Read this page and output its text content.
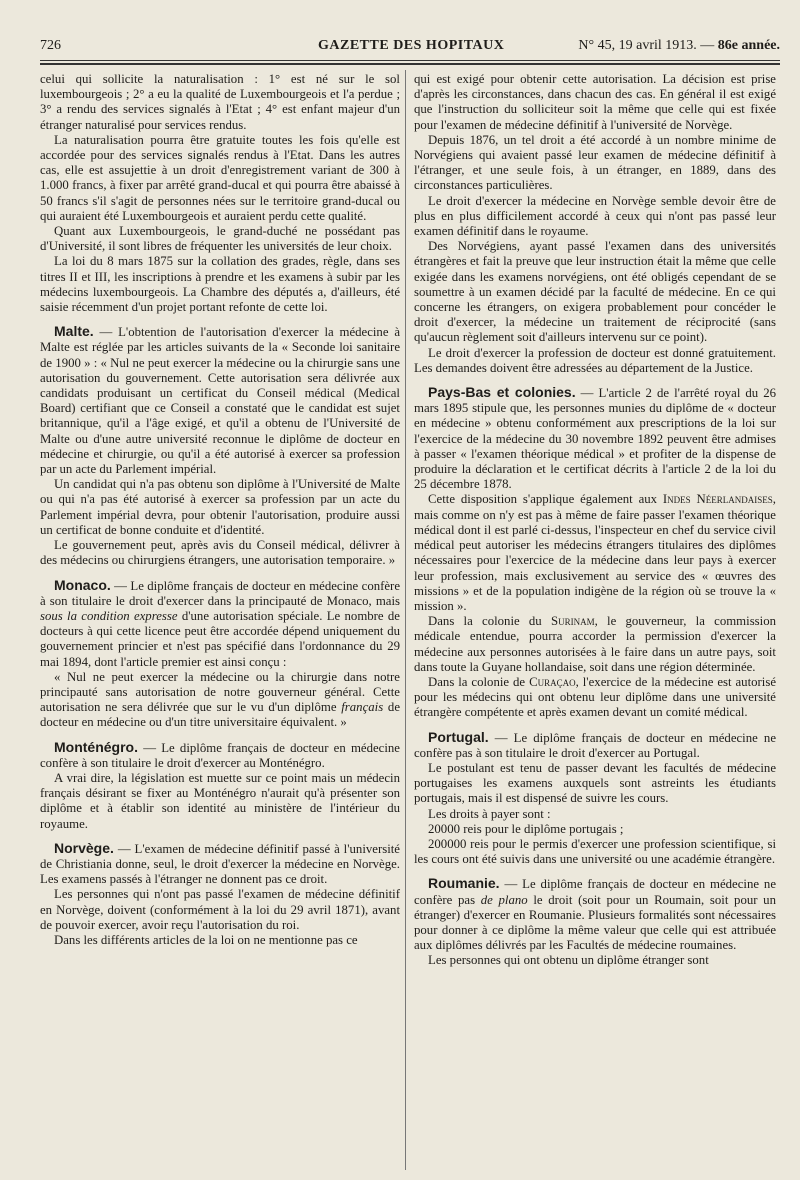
726	GAZETTE DES HOPITAUX	N° 45, 19 avril 1913. — 86e année.

celui qui sollicite la naturalisation : 1° est né sur le sol luxembourgeois ; 2° a eu la qualité de Luxembourgeois et l'a perdue ; 3° a rendu des services signalés à l'Etat ; 4° est enfant majeur d'un étranger naturalisé pour services rendus.

La naturalisation pourra être gratuite toutes les fois qu'elle est accordée pour des services signalés rendus à l'Etat. Dans les autres cas, elle est assujettie à un droit d'enregistrement variant de 300 à 1.000 francs, à fixer par arrêté grand-ducal et qui pourra être abaissé à 50 francs s'il s'agit de personnes nées sur le territoire grand-ducal ou qui auraient été Luxembourgeois et auraient perdu cette qualité.

Quant aux Luxembourgeois, le grand-duché ne possédant pas d'Université, il sont libres de fréquenter les universités de leur choix.

La loi du 8 mars 1875 sur la collation des grades, règle, dans ses titres II et III, les inscriptions à prendre et les examens à subir par les médecins luxembourgeois. La Chambre des députés a, d'ailleurs, été saisie récemment d'un projet portant refonte de cette loi.

Malte. — L'obtention de l'autorisation d'exercer la médecine à Malte est réglée par les articles suivants de la « Seconde loi sanitaire de 1900 » : « Nul ne peut exercer la médecine ou la chirurgie sans une autorisation du gouvernement. Cette autorisation sera délivrée aux candidats produisant un certificat du Conseil médical (Medical Board) certifiant que ce Conseil a constaté que le candidat est sujet britannique, qu'il a l'âge exigé, et qu'il a obtenu de l'Université de Malte ou d'une autre université reconnue le diplôme de docteur en médecine et chirurgie, ou qu'il a été autorisé à exercer sa profession par un acte du Parlement impérial.

Un candidat qui n'a pas obtenu son diplôme à l'Université de Malte ou qui n'a pas été autorisé à exercer sa profession par un acte du Parlement impérial devra, pour obtenir l'autorisation, produire aussi un certificat de bonne conduite et d'identité.

Le gouvernement peut, après avis du Conseil médical, délivrer à des médecins ou chirurgiens étrangers, une autorisation temporaire. »

Monaco. — Le diplôme français de docteur en médecine confère à son titulaire le droit d'exercer dans la principauté de Monaco, mais sous la condition expresse d'une autorisation spéciale. Le nombre de docteurs à qui cette licence peut être accordée dépend uniquement du gouvernement princier et n'est pas spécifié dans l'ordonnance du 29 mai 1894, dont l'article premier est ainsi conçu :

« Nul ne peut exercer la médecine ou la chirurgie dans notre principauté sans autorisation de notre gouverneur général. Cette autorisation ne sera délivrée que sur le vu d'un diplôme français de docteur en médecine ou d'un titre universitaire équivalent. »

Monténégro. — Le diplôme français de docteur en médecine confère à son titulaire le droit d'exercer au Monténégro.

A vrai dire, la législation est muette sur ce point mais un médecin français désirant se fixer au Monténégro n'aurait qu'à présenter son diplôme et à établir son identité au ministère de l'intérieur du royaume.

Norvège. — L'examen de médecine définitif passé à l'université de Christiania donne, seul, le droit d'exercer la médecine en Norvège. Les examens passés à l'étranger ne donnent pas ce droit.

Les personnes qui n'ont pas passé l'examen de médecine définitif en Norvège, doivent (conformément à la loi du 29 avril 1871), avant de pouvoir exercer, avoir reçu l'autorisation du roi.

Dans les différents articles de la loi on ne mentionne pas ce

qui est exigé pour obtenir cette autorisation. La décision est prise d'après les circonstances, dans chacun des cas. En général il est exigé que l'instruction du solliciteur soit la même que celle qui est fixée pour l'examen de médecine définitif à l'université de Norvège.

Depuis 1876, un tel droit a été accordé à un nombre minime de Norvégiens qui avaient passé leur examen de médecine définitif à l'étranger, et une seule fois, à un étranger, en 1889, dans des circonstances particulières.

Le droit d'exercer la médecine en Norvège semble devoir être de plus en plus difficilement accordé à ceux qui n'ont pas passé leur examen définitif dans le royaume.

Des Norvégiens, ayant passé l'examen dans des universités étrangères et fait la preuve que leur instruction était la même que celle exigée dans les examens norvégiens, ont été obligés cependant de se soumettre à un examen décidé par la faculté de médecine. En ce qui concerne les étrangers, on exigera probablement pour concéder le droit d'exercer, la médecine un traitement de réciprocité (sans qu'aucun règlement soit d'ailleurs intervenu sur ce point).

Le droit d'exercer la profession de docteur est donné gratuitement. Les demandes doivent être adressées au département de la Justice.

Pays-Bas et colonies. — L'article 2 de l'arrêté royal du 26 mars 1895 stipule que, les personnes munies du diplôme de « docteur en médecine » obtenu conformément aux prescriptions de la loi sur l'exercice de la médecine du 30 novembre 1892 peuvent être admises à passer « l'examen théorique médical » et profiter de la dispense de produire la déclaration et le certificat décrits à l'article 2 de la loi du 25 décembre 1878.

Cette disposition s'applique également aux Indes Néerlandaises, mais comme on n'y est pas à même de faire passer l'examen théorique médical dont il est parlé ci-dessus, l'inspecteur en chef du service civil médical peut autoriser les médecins étrangers titulaires des diplômes nécessaires pour l'exercice de la médecine dans leur pays à exercer leur profession, mais exclusivement au service des « œuvres des missions » et de la population indigène de la région où se trouve la « mission ».

Dans la colonie du Surinam, le gouverneur, la commission médicale entendue, pourra accorder la permission d'exercer la médecine aux personnes autorisées à le faire dans un autre pays, soit dans toute la Guyane hollandaise, soit dans une région déterminée.

Dans la colonie de Curaçao, l'exercice de la médecine est autorisé pour les médecins qui ont obtenu leur diplôme dans une université étrangère compétente et après examen devant un comité médical.

Portugal. — Le diplôme français de docteur en médecine ne confère pas à son titulaire le droit d'exercer au Portugal.

Le postulant est tenu de passer devant les facultés de médecine portugaises les examens auxquels sont astreints les étudiants portugais, mais il est dispensé de suivre les cours.

Les droits à payer sont :

20000 reis pour le diplôme portugais ;

200000 reis pour le permis d'exercer une profession scientifique, si les cours ont été suivis dans une université ou une académie étrangère.

Roumanie. — Le diplôme français de docteur en médecine ne confère pas de plano le droit (soit pour un Roumain, soit pour un étranger) d'exercer en Roumanie. Plusieurs formalités sont nécessaires pour donner à ce diplôme la même valeur que celle qui est attribuée aux diplômes délivrés par les Facultés de médecine roumaines.

Les personnes qui ont obtenu un diplôme étranger sont
